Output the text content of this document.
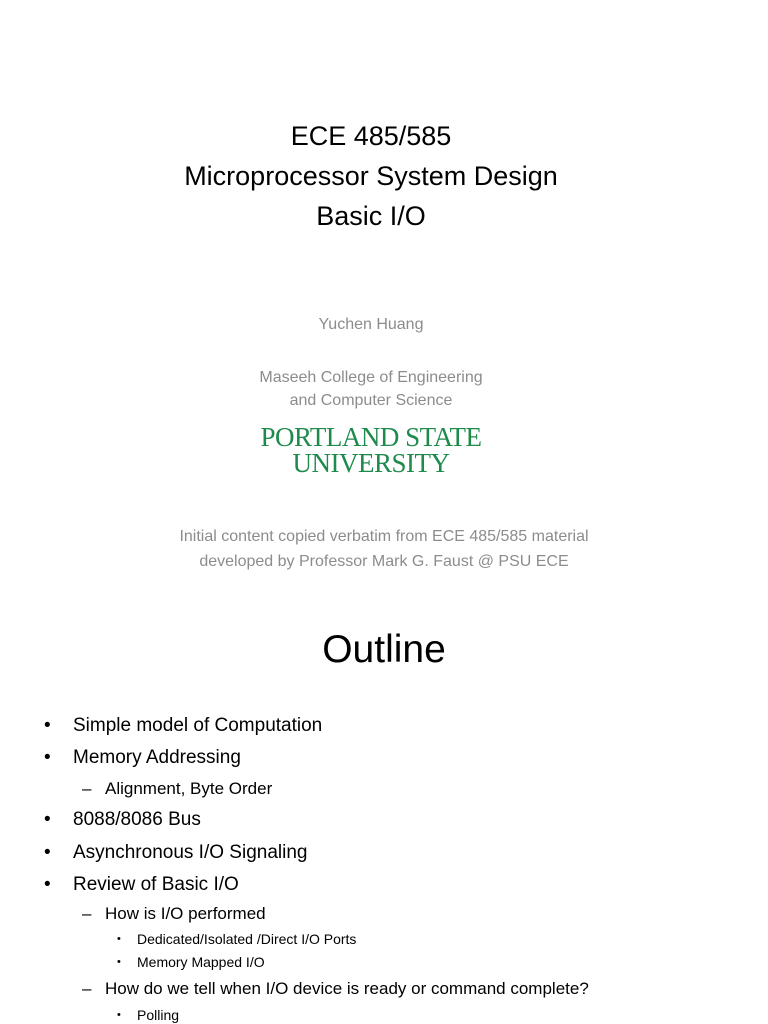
ECE 485/585
Microprocessor System Design
Basic I/O
Yuchen Huang
Maseeh College of Engineering
and Computer Science
PORTLAND STATE
UNIVERSITY
Initial content copied verbatim from ECE 485/585 material
developed by Professor Mark G. Faust @ PSU ECE
Outline
• Simple model of Computation
• Memory Addressing
– Alignment, Byte Order
• 8088/8086 Bus
• Asynchronous I/O Signaling
• Review of Basic I/O
– How is I/O performed
• Dedicated/Isolated /Direct I/O Ports
• Memory Mapped I/O
– How do we tell when I/O device is ready or command complete?
• Polling
